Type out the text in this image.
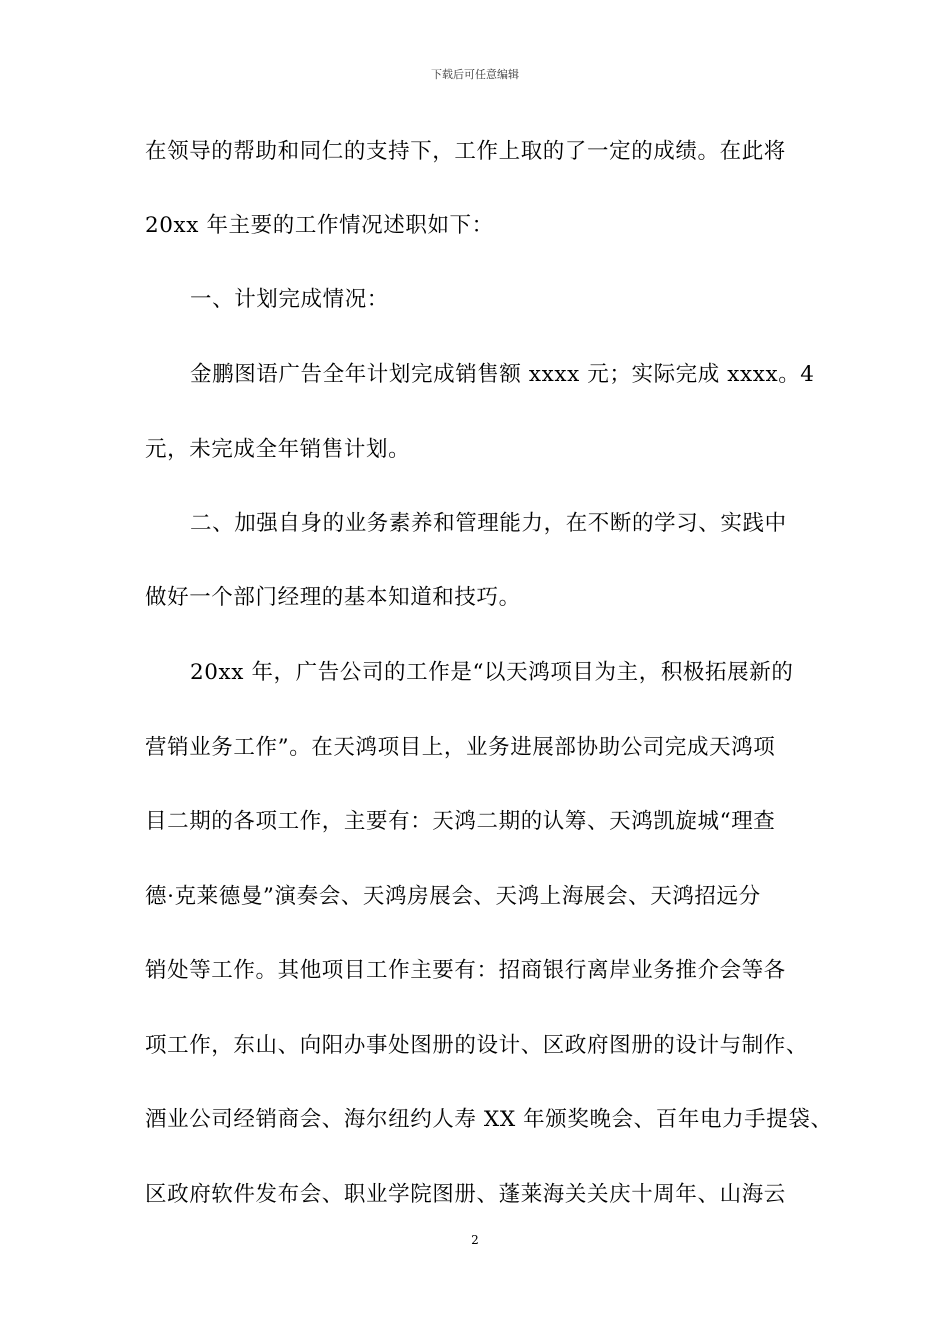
下载后可任意编辑
在领导的帮助和同仁的支持下，工作上取的了一定的成绩。在此将
20xx 年主要的工作情况述职如下：
一、计划完成情况：
金鹏图语广告全年计划完成销售额 xxxx 元；实际完成 xxxx。4
元，未完成全年销售计划。
二、加强自身的业务素养和管理能力，在不断的学习、实践中
做好一个部门经理的基本知道和技巧。
20xx 年，广告公司的工作是“以天鸿项目为主，积极拓展新的
营销业务工作”。在天鸿项目上，业务进展部协助公司完成天鸿项
目二期的各项工作，主要有：天鸿二期的认筹、天鸿凯旋城“理查
德·克莱德曼”演奏会、天鸿房展会、天鸿上海展会、天鸿招远分
销处等工作。其他项目工作主要有：招商银行离岸业务推介会等各
项工作，东山、向阳办事处图册的设计、区政府图册的设计与制作、
酒业公司经销商会、海尔纽约人寿 XX 年颁奖晚会、百年电力手提袋、
区政府软件发布会、职业学院图册、蓬莱海关关庆十周年、山海云
2
